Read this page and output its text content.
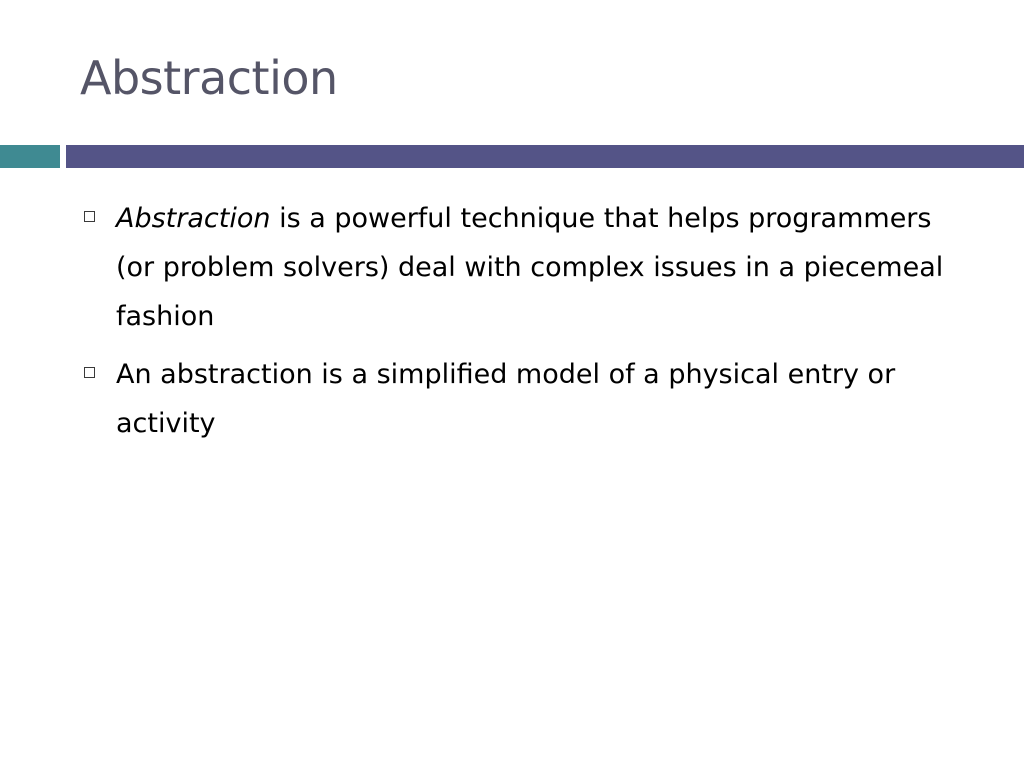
Abstraction
Abstraction is a powerful technique that helps programmers (or problem solvers) deal with complex issues in a piecemeal fashion
An abstraction is a simplified model of a physical entry or activity
